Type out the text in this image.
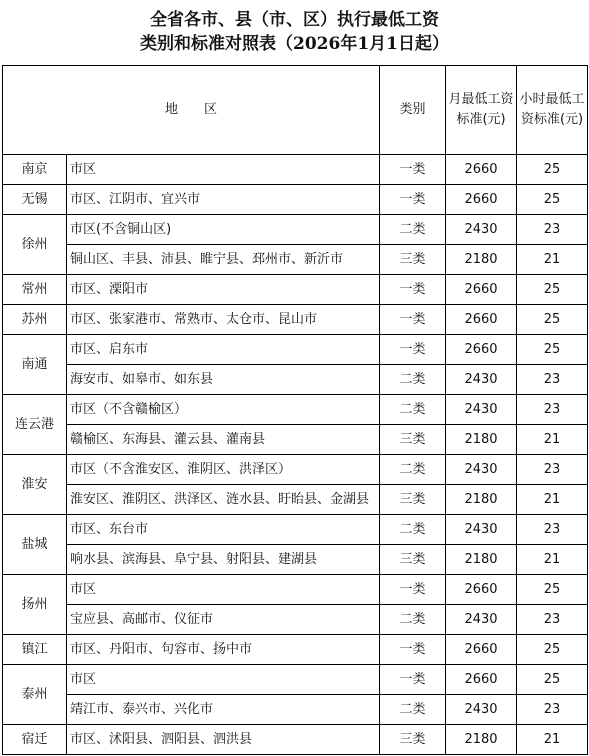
全省各市、县（市、区）执行最低工资
类别和标准对照表（2026年1月1日起）
地　　区		类别	月最低工资标准(元)	小时最低工资标准(元)
南京	市区	一类	2660	25
无锡	市区、江阴市、宜兴市	一类	2660	25
徐州	市区(不含铜山区)	二类	2430	23
	铜山区、丰县、沛县、睢宁县、邳州市、新沂市	三类	2180	21
常州	市区、溧阳市	一类	2660	25
苏州	市区、张家港市、常熟市、太仓市、昆山市	一类	2660	25
南通	市区、启东市	一类	2660	25
	海安市、如皋市、如东县	二类	2430	23
连云港	市区（不含赣榆区）	二类	2430	23
	赣榆区、东海县、灌云县、灌南县	三类	2180	21
淮安	市区（不含淮安区、淮阴区、洪泽区）	二类	2430	23
	淮安区、淮阴区、洪泽区、涟水县、盱眙县、金湖县	三类	2180	21
盐城	市区、东台市	二类	2430	23
	响水县、滨海县、阜宁县、射阳县、建湖县	三类	2180	21
扬州	市区	一类	2660	25
	宝应县、高邮市、仪征市	二类	2430	23
镇江	市区、丹阳市、句容市、扬中市	一类	2660	25
泰州	市区	一类	2660	25
	靖江市、泰兴市、兴化市	二类	2430	23
宿迁	市区、沭阳县、泗阳县、泗洪县	三类	2180	21
